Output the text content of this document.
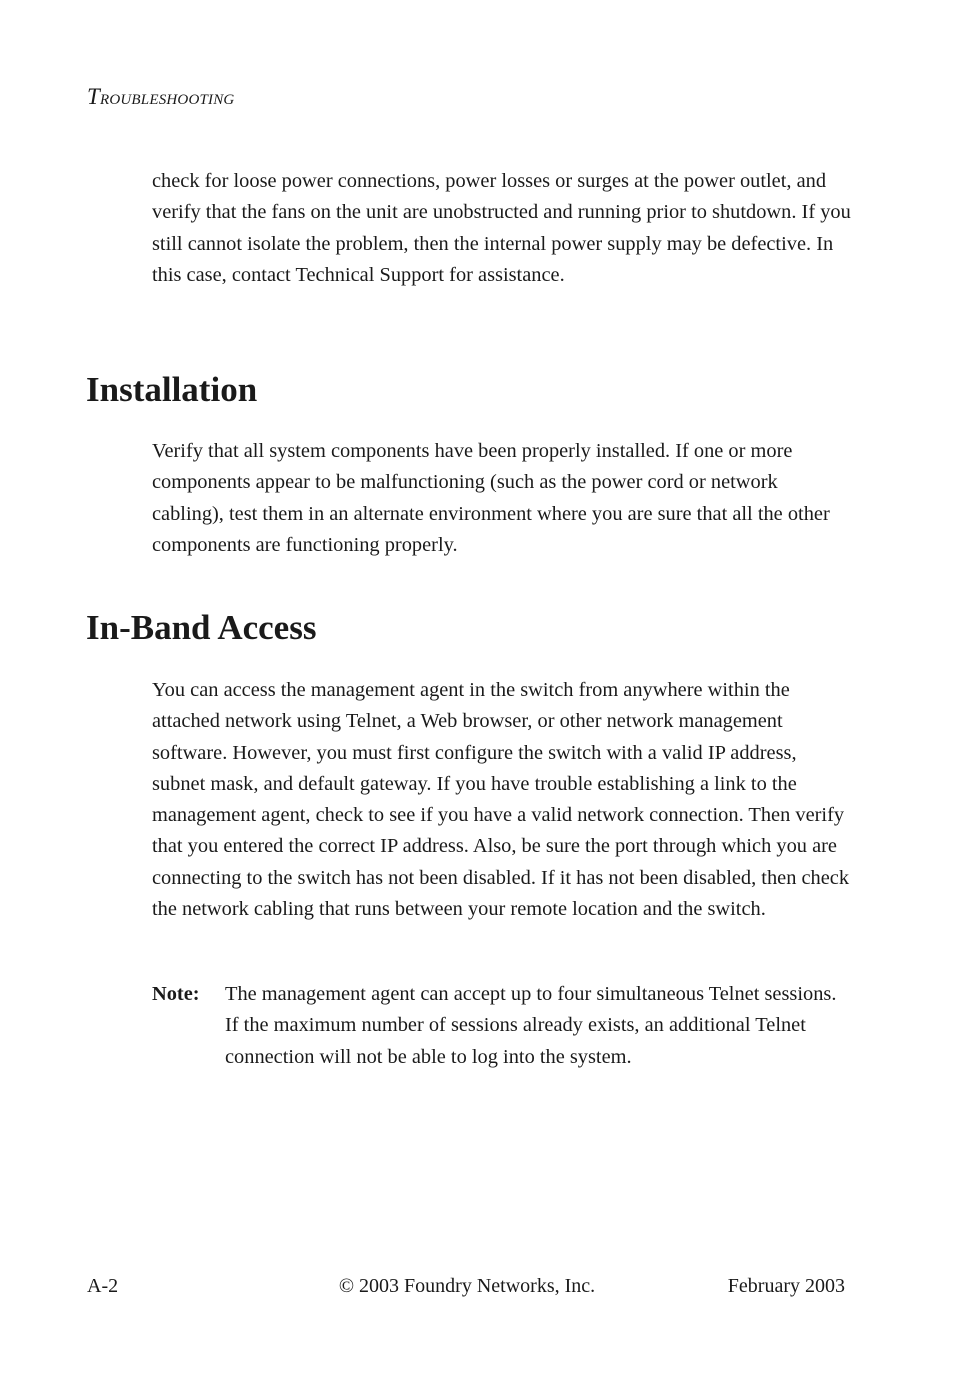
Troubleshooting

check for loose power connections, power losses or surges at the power outlet, and verify that the fans on the unit are unobstructed and running prior to shutdown. If you still cannot isolate the problem, then the internal power supply may be defective. In this case, contact Technical Support for assistance.

Installation

Verify that all system components have been properly installed. If one or more components appear to be malfunctioning (such as the power cord or network cabling), test them in an alternate environment where you are sure that all the other components are functioning properly.

In-Band Access

You can access the management agent in the switch from anywhere within the attached network using Telnet, a Web browser, or other network management software. However, you must first configure the switch with a valid IP address, subnet mask, and default gateway. If you have trouble establishing a link to the management agent, check to see if you have a valid network connection. Then verify that you entered the correct IP address. Also, be sure the port through which you are connecting to the switch has not been disabled. If it has not been disabled, then check the network cabling that runs between your remote location and the switch.

Note: The management agent can accept up to four simultaneous Telnet sessions. If the maximum number of sessions already exists, an additional Telnet connection will not be able to log into the system.
A-2	© 2003 Foundry Networks, Inc.	February 2003
